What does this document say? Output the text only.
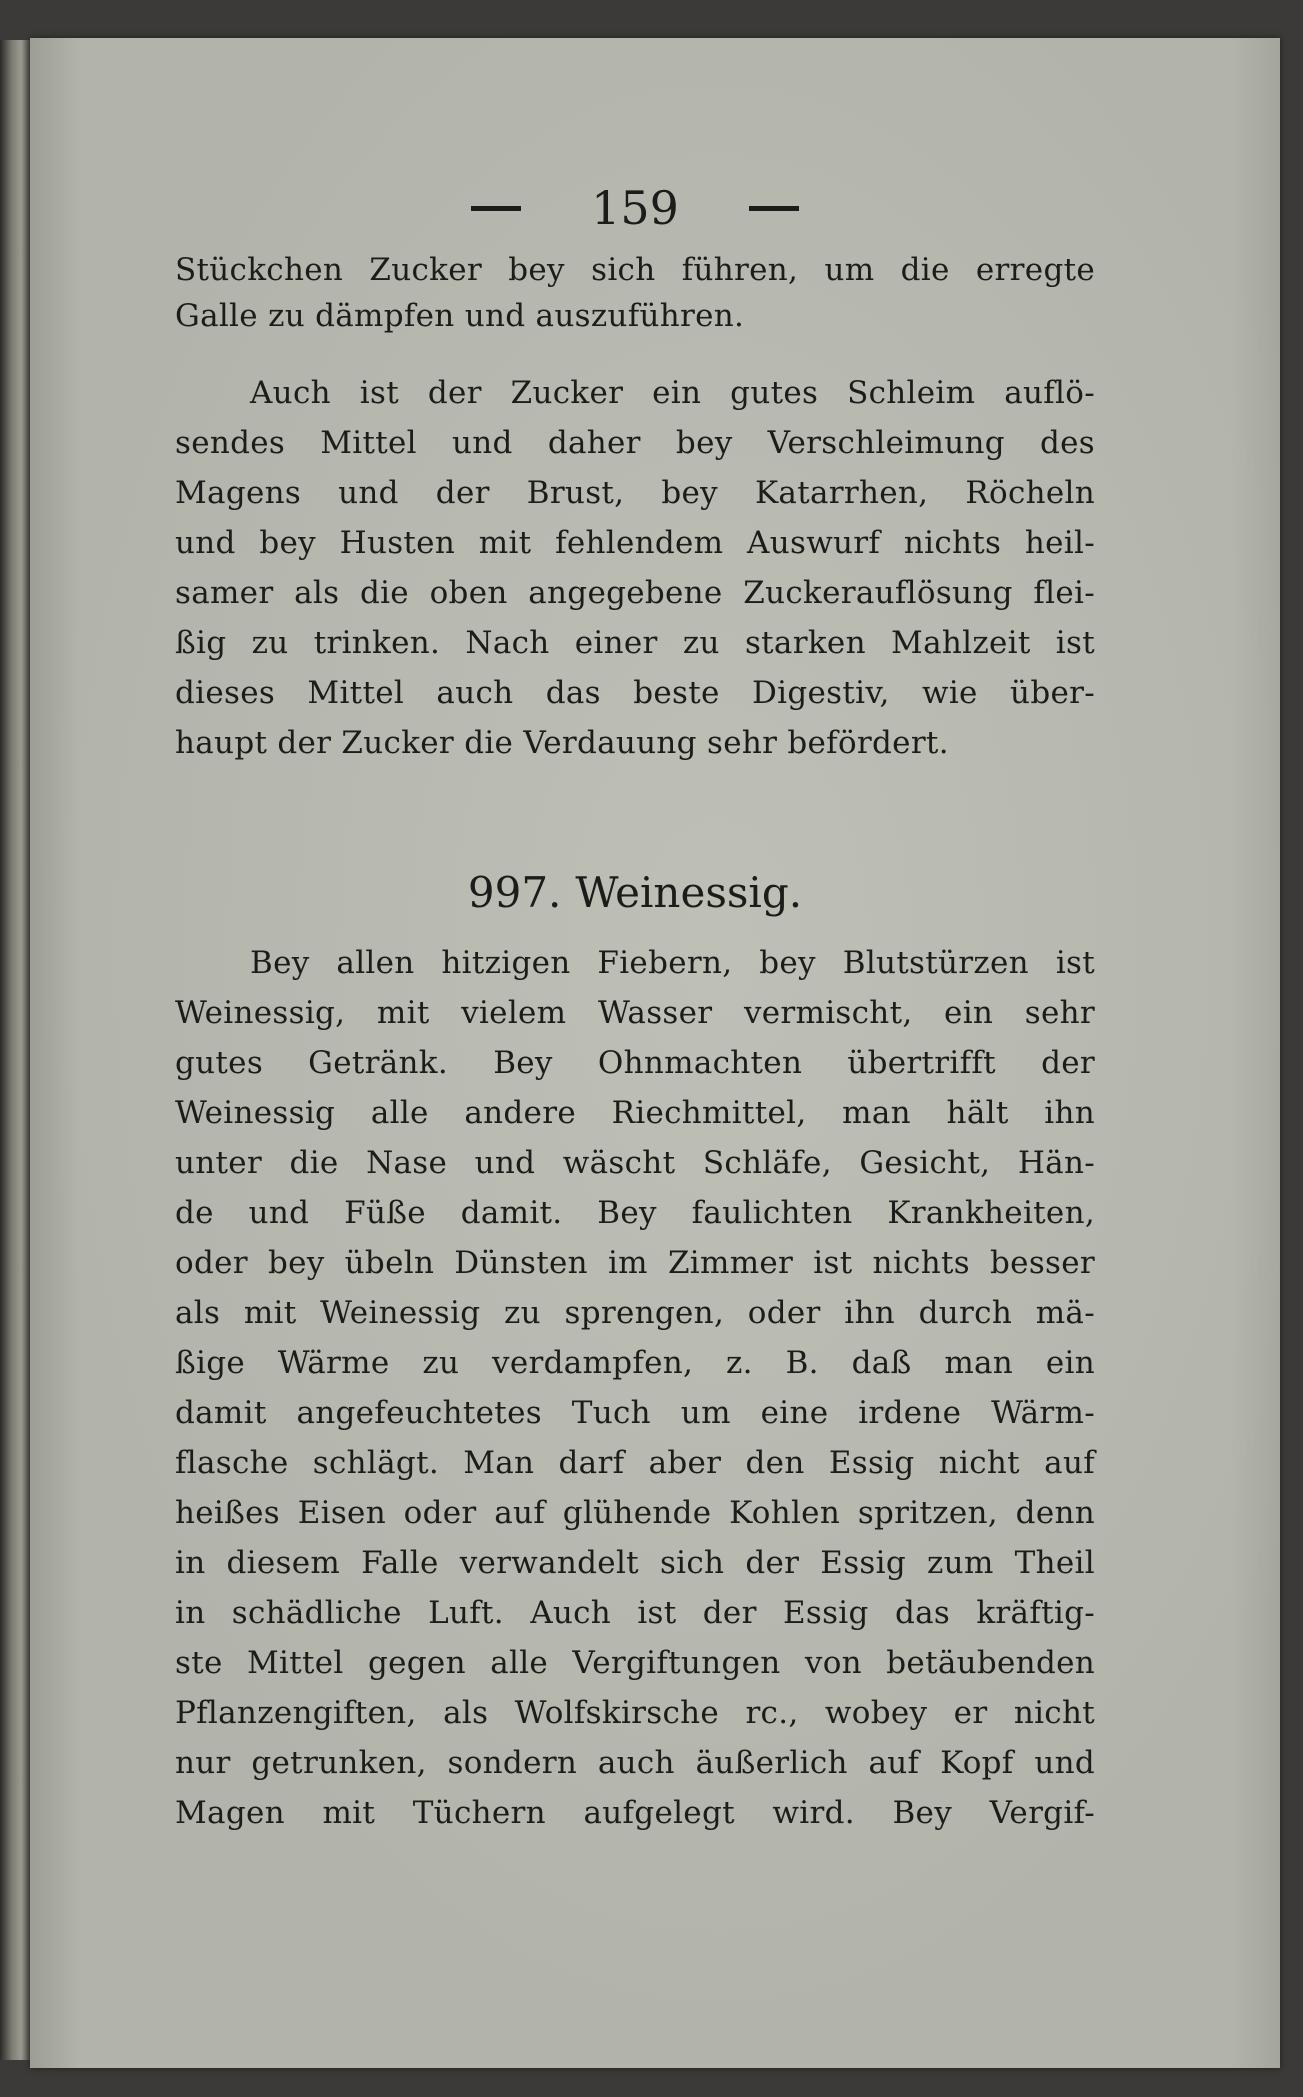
159
Stückchen Zucker bey sich führen, um die erregte
Galle zu dämpfen und auszuführen.
Auch ist der Zucker ein gutes Schleim auflö-
sendes Mittel und daher bey Verschleimung des
Magens und der Brust, bey Katarrhen, Röcheln
und bey Husten mit fehlendem Auswurf nichts heil-
samer als die oben angegebene Zuckerauflösung flei-
ßig zu trinken. Nach einer zu starken Mahlzeit ist
dieses Mittel auch das beste Digestiv, wie über-
haupt der Zucker die Verdauung sehr befördert.
997. Weinessig.
Bey allen hitzigen Fiebern, bey Blutstürzen ist
Weinessig, mit vielem Wasser vermischt, ein sehr
gutes Getränk. Bey Ohnmachten übertrifft der
Weinessig alle andere Riechmittel, man hält ihn
unter die Nase und wäscht Schläfe, Gesicht, Hän-
de und Füße damit. Bey faulichten Krankheiten,
oder bey übeln Dünsten im Zimmer ist nichts besser
als mit Weinessig zu sprengen, oder ihn durch mä-
ßige Wärme zu verdampfen, z. B. daß man ein
damit angefeuchtetes Tuch um eine irdene Wärm-
flasche schlägt. Man darf aber den Essig nicht auf
heißes Eisen oder auf glühende Kohlen spritzen, denn
in diesem Falle verwandelt sich der Essig zum Theil
in schädliche Luft. Auch ist der Essig das kräftig-
ste Mittel gegen alle Vergiftungen von betäubenden
Pflanzengiften, als Wolfskirsche rc., wobey er nicht
nur getrunken, sondern auch äußerlich auf Kopf und
Magen mit Tüchern aufgelegt wird. Bey Vergif-
